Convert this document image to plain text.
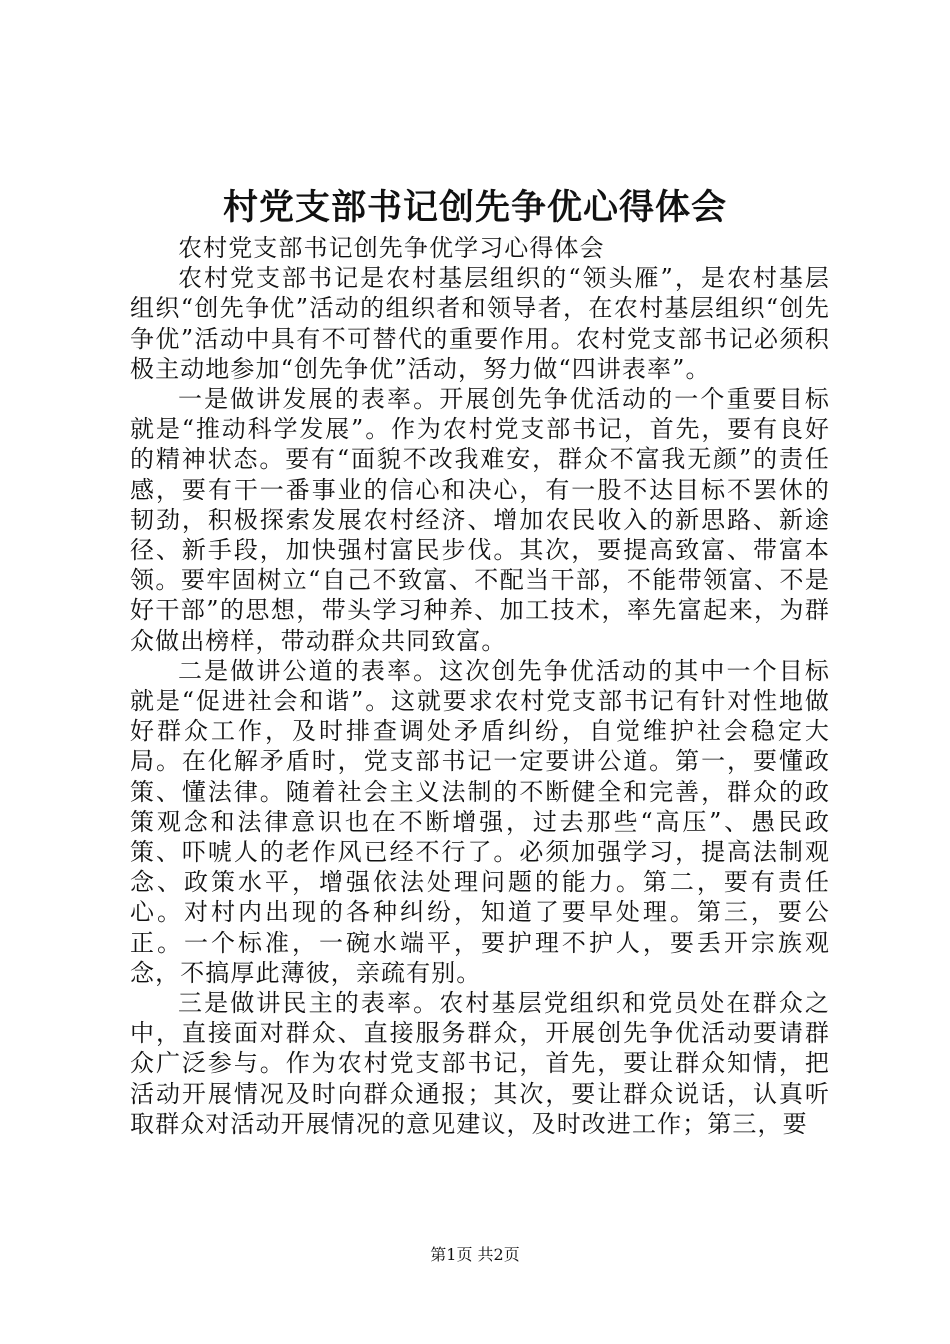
村党支部书记创先争优心得体会

农村党支部书记创先争优学习心得体会

农村党支部书记是农村基层组织的“领头雁”，是农村基层组织“创先争优”活动的组织者和领导者，在农村基层组织“创先争优”活动中具有不可替代的重要作用。农村党支部书记必须积极主动地参加“创先争优”活动，努力做“四讲表率”。

一是做讲发展的表率。开展创先争优活动的一个重要目标就是“推动科学发展”。作为农村党支部书记，首先，要有良好的精神状态。要有“面貌不改我难安，群众不富我无颜”的责任感，要有干一番事业的信心和决心，有一股不达目标不罢休的韧劲，积极探索发展农村经济、增加农民收入的新思路、新途径、新手段，加快强村富民步伐。其次，要提高致富、带富本领。要牢固树立“自己不致富、不配当干部，不能带领富、不是好干部”的思想，带头学习种养、加工技术，率先富起来，为群众做出榜样，带动群众共同致富。

二是做讲公道的表率。这次创先争优活动的其中一个目标就是“促进社会和谐”。这就要求农村党支部书记有针对性地做好群众工作，及时排查调处矛盾纠纷，自觉维护社会稳定大局。在化解矛盾时，党支部书记一定要讲公道。第一，要懂政策、懂法律。随着社会主义法制的不断健全和完善，群众的政策观念和法律意识也在不断增强，过去那些“高压”、愚民政策、吓唬人的老作风已经不行了。必须加强学习，提高法制观念、政策水平，增强依法处理问题的能力。第二，要有责任心。对村内出现的各种纠纷，知道了要早处理。第三，要公正。一个标准，一碗水端平，要护理不护人，要丢开宗族观念，不搞厚此薄彼，亲疏有别。

三是做讲民主的表率。农村基层党组织和党员处在群众之中，直接面对群众、直接服务群众，开展创先争优活动要请群众广泛参与。作为农村党支部书记，首先，要让群众知情，把活动开展情况及时向群众通报；其次，要让群众说话，认真听取群众对活动开展情况的意见建议，及时改进工作；第三，要

第1页 共2页
